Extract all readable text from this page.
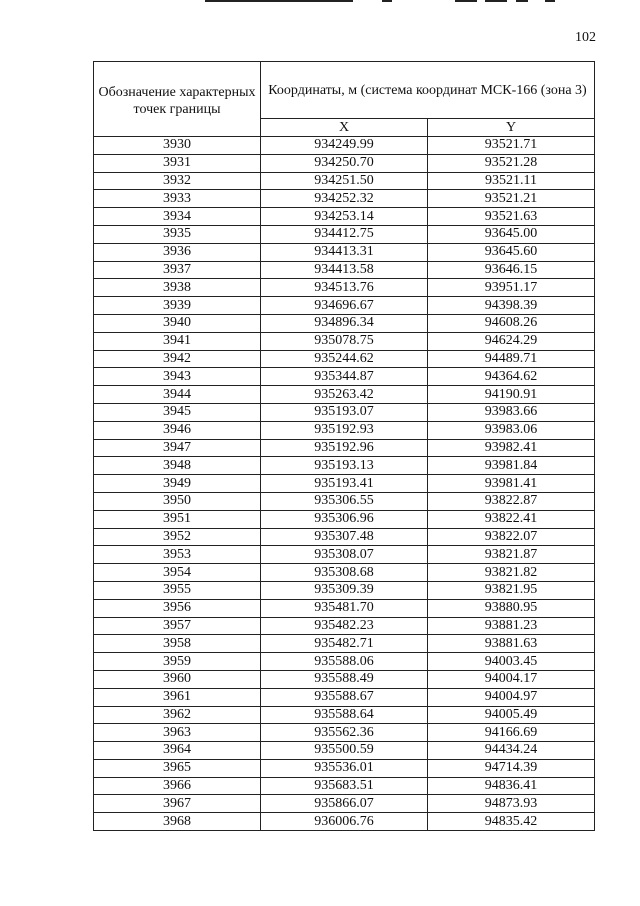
102
Обозначение характерных точек границы	Координаты, м (система координат МСК-166 (зона 3)	
	X	Y
3930	934249.99	93521.71
3931	934250.70	93521.28
3932	934251.50	93521.11
3933	934252.32	93521.21
3934	934253.14	93521.63
3935	934412.75	93645.00
3936	934413.31	93645.60
3937	934413.58	93646.15
3938	934513.76	93951.17
3939	934696.67	94398.39
3940	934896.34	94608.26
3941	935078.75	94624.29
3942	935244.62	94489.71
3943	935344.87	94364.62
3944	935263.42	94190.91
3945	935193.07	93983.66
3946	935192.93	93983.06
3947	935192.96	93982.41
3948	935193.13	93981.84
3949	935193.41	93981.41
3950	935306.55	93822.87
3951	935306.96	93822.41
3952	935307.48	93822.07
3953	935308.07	93821.87
3954	935308.68	93821.82
3955	935309.39	93821.95
3956	935481.70	93880.95
3957	935482.23	93881.23
3958	935482.71	93881.63
3959	935588.06	94003.45
3960	935588.49	94004.17
3961	935588.67	94004.97
3962	935588.64	94005.49
3963	935562.36	94166.69
3964	935500.59	94434.24
3965	935536.01	94714.39
3966	935683.51	94836.41
3967	935866.07	94873.93
3968	936006.76	94835.42
